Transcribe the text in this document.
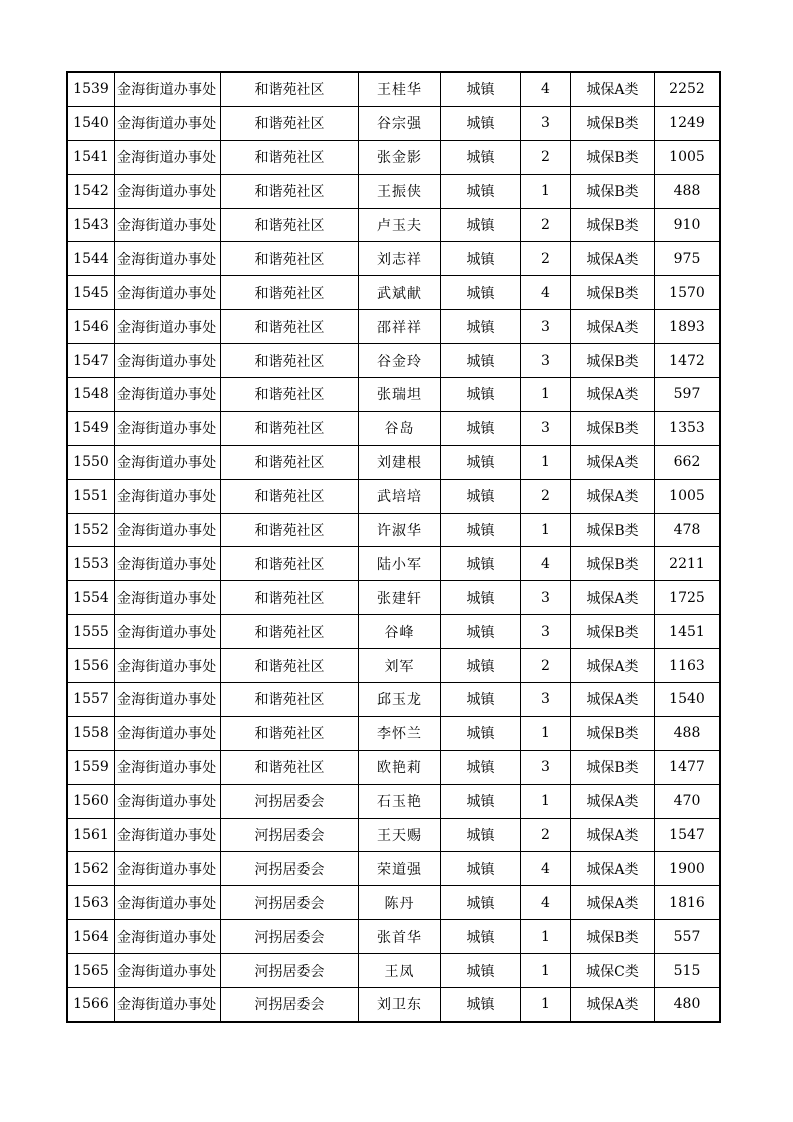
1539	金海街道办事处	和谐苑社区	王桂华	城镇	4	城保A类	2252
1540	金海街道办事处	和谐苑社区	谷宗强	城镇	3	城保B类	1249
1541	金海街道办事处	和谐苑社区	张金影	城镇	2	城保B类	1005
1542	金海街道办事处	和谐苑社区	王振侠	城镇	1	城保B类	488
1543	金海街道办事处	和谐苑社区	卢玉夫	城镇	2	城保B类	910
1544	金海街道办事处	和谐苑社区	刘志祥	城镇	2	城保A类	975
1545	金海街道办事处	和谐苑社区	武斌献	城镇	4	城保B类	1570
1546	金海街道办事处	和谐苑社区	邵祥祥	城镇	3	城保A类	1893
1547	金海街道办事处	和谐苑社区	谷金玲	城镇	3	城保B类	1472
1548	金海街道办事处	和谐苑社区	张瑞坦	城镇	1	城保A类	597
1549	金海街道办事处	和谐苑社区	谷岛	城镇	3	城保B类	1353
1550	金海街道办事处	和谐苑社区	刘建根	城镇	1	城保A类	662
1551	金海街道办事处	和谐苑社区	武培培	城镇	2	城保A类	1005
1552	金海街道办事处	和谐苑社区	许淑华	城镇	1	城保B类	478
1553	金海街道办事处	和谐苑社区	陆小军	城镇	4	城保B类	2211
1554	金海街道办事处	和谐苑社区	张建轩	城镇	3	城保A类	1725
1555	金海街道办事处	和谐苑社区	谷峰	城镇	3	城保B类	1451
1556	金海街道办事处	和谐苑社区	刘军	城镇	2	城保A类	1163
1557	金海街道办事处	和谐苑社区	邱玉龙	城镇	3	城保A类	1540
1558	金海街道办事处	和谐苑社区	李怀兰	城镇	1	城保B类	488
1559	金海街道办事处	和谐苑社区	欧艳莉	城镇	3	城保B类	1477
1560	金海街道办事处	河拐居委会	石玉艳	城镇	1	城保A类	470
1561	金海街道办事处	河拐居委会	王天赐	城镇	2	城保A类	1547
1562	金海街道办事处	河拐居委会	荣道强	城镇	4	城保A类	1900
1563	金海街道办事处	河拐居委会	陈丹	城镇	4	城保A类	1816
1564	金海街道办事处	河拐居委会	张首华	城镇	1	城保B类	557
1565	金海街道办事处	河拐居委会	王凤	城镇	1	城保C类	515
1566	金海街道办事处	河拐居委会	刘卫东	城镇	1	城保A类	480
